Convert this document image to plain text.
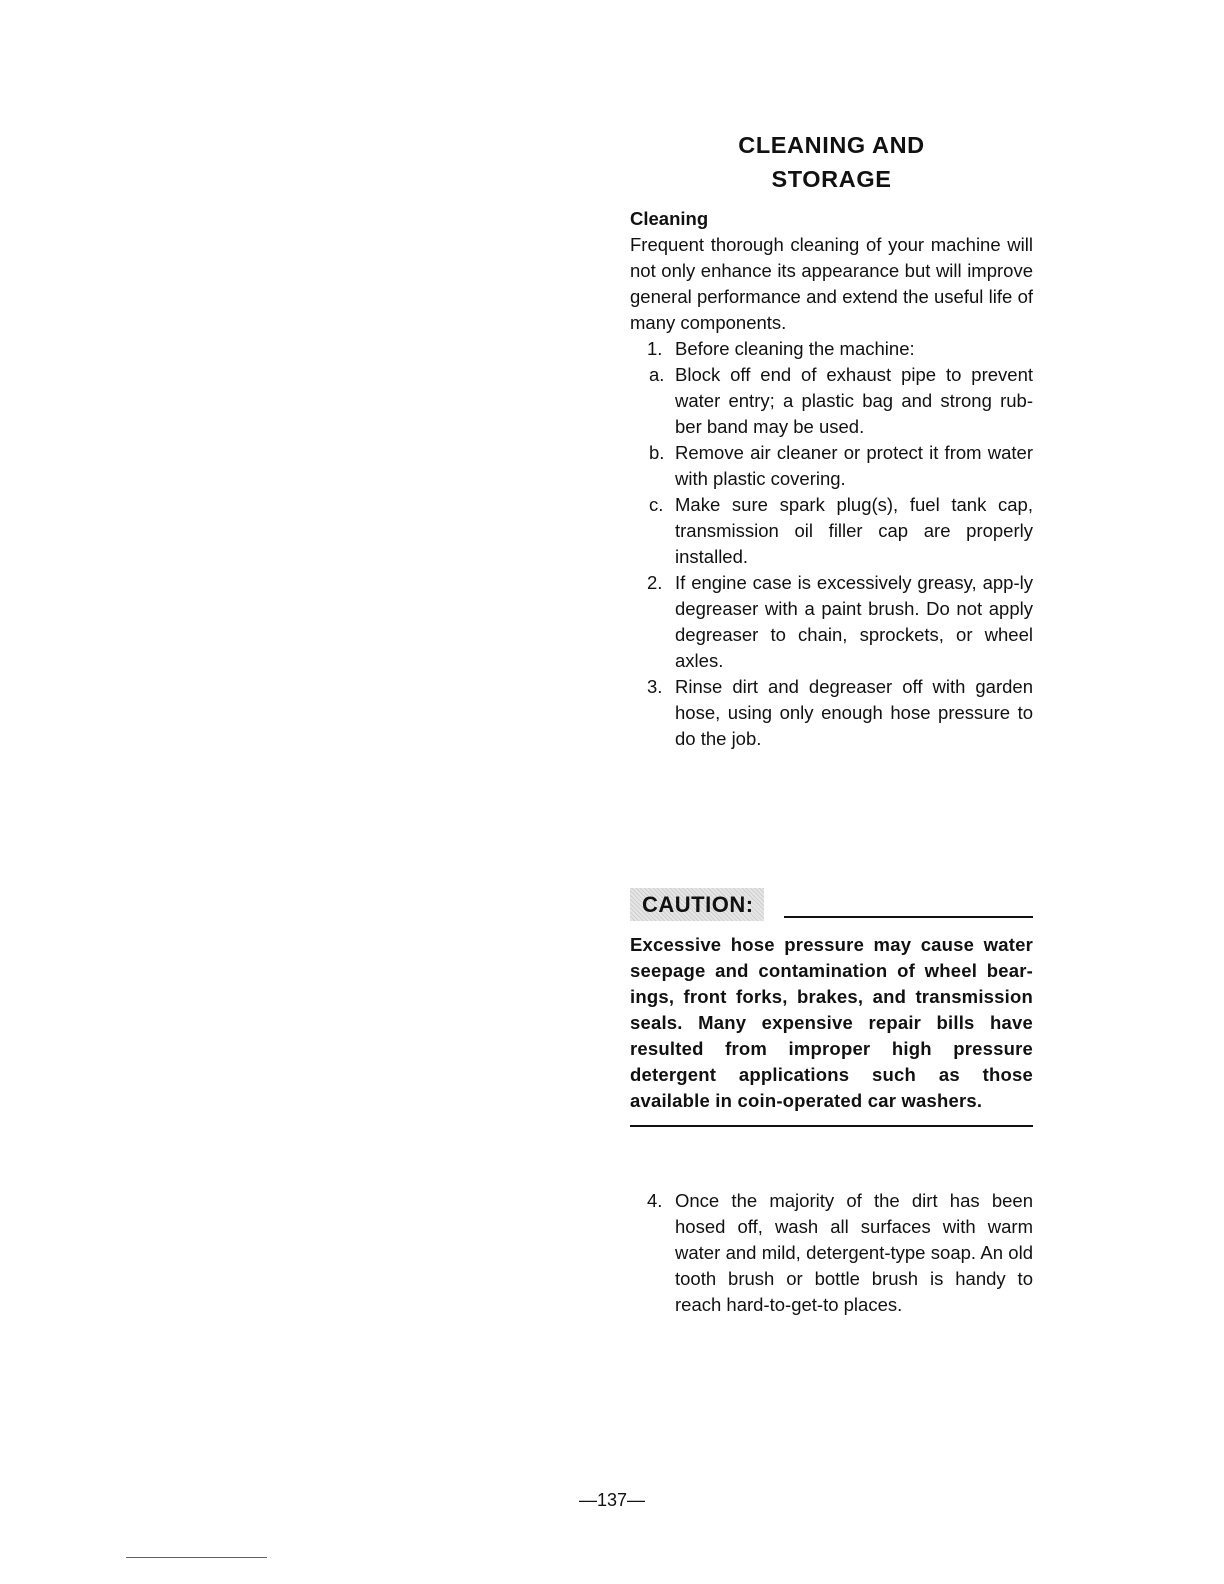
CLEANING AND
STORAGE

Cleaning

Frequent thorough cleaning of your machine will not only enhance its appearance but will improve general performance and extend the useful life of many components.

1. Before cleaning the machine:
a. Block off end of exhaust pipe to prevent water entry; a plastic bag and strong rub-ber band may be used.
b. Remove air cleaner or protect it from water with plastic covering.
c. Make sure spark plug(s), fuel tank cap, transmission oil filler cap are properly installed.
2. If engine case is excessively greasy, app-ly degreaser with a paint brush. Do not apply degreaser to chain, sprockets, or wheel axles.
3. Rinse dirt and degreaser off with garden hose, using only enough hose pressure to do the job.
CAUTION:
Excessive hose pressure may cause water seepage and contamination of wheel bear-ings, front forks, brakes, and transmission seals. Many expensive repair bills have resulted from improper high pressure detergent applications such as those available in coin-operated car washers.
4. Once the majority of the dirt has been hosed off, wash all surfaces with warm water and mild, detergent-type soap. An old tooth brush or bottle brush is handy to reach hard-to-get-to places.
—137—
